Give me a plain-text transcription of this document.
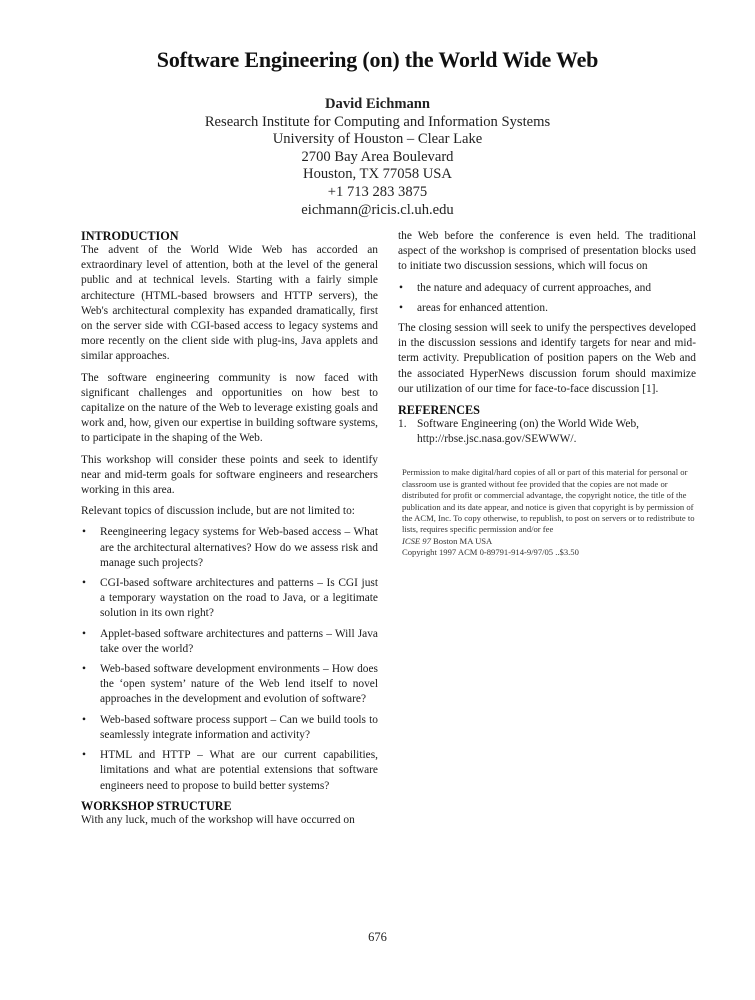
Software Engineering (on) the World Wide Web
David Eichmann
Research Institute for Computing and Information Systems
University of Houston – Clear Lake
2700 Bay Area Boulevard
Houston, TX 77058 USA
+1 713 283 3875
eichmann@ricis.cl.uh.edu
INTRODUCTION

The advent of the World Wide Web has accorded an extraordinary level of attention, both at the level of the general public and at technical levels. Starting with a fairly simple architecture (HTML-based browsers and HTTP servers), the Web's architectural complexity has expanded dramatically, first on the server side with CGI-based access to legacy systems and more recently on the client side with plug-ins, Java applets and similar approaches.

The software engineering community is now faced with significant challenges and opportunities on how best to capitalize on the nature of the Web to leverage existing goals and work and, how, given our expertise in building software systems, to participate in the shaping of the Web.

This workshop will consider these points and seek to identify near and mid-term goals for software engineers and researchers working in this area.

Relevant topics of discussion include, but are not limited to:

• Reengineering legacy systems for Web-based access – What are the architectural alternatives? How do we assess risk and manage such projects?
• CGI-based software architectures and patterns – Is CGI just a temporary waystation on the road to Java, or a legitimate solution in its own right?
• Applet-based software architectures and patterns – Will Java take over the world?
• Web-based software development environments – How does the ‘open system’ nature of the Web lend itself to novel approaches in the development and evolution of software?
• Web-based software process support – Can we build tools to seamlessly integrate information and activity?
• HTML and HTTP – What are our current capabilities, limitations and what are potential extensions that software engineers need to propose to build better systems?
WORKSHOP STRUCTURE

With any luck, much of the workshop will have occurred on

the Web before the conference is even held. The traditional aspect of the workshop is comprised of presentation blocks used to initiate two discussion sessions, which will focus on

• the nature and adequacy of current approaches, and
• areas for enhanced attention.

The closing session will seek to unify the perspectives developed in the discussion sessions and identify targets for near and mid-term activity. Prepublication of position papers on the Web and the associated HyperNews discussion forum should maximize our utilization of our time for face-to-face discussion [1].

REFERENCES
1. Software Engineering (on) the World Wide Web, http://rbse.jsc.nasa.gov/SEWWW/.
Permission to make digital/hard copies of all or part of this material for personal or classroom use is granted without fee provided that the copies are not made or distributed for profit or commercial advantage, the copyright notice, the title of the publication and its date appear, and notice is given that copyright is by permission of the ACM, Inc. To copy otherwise, to republish, to post on servers or to redistribute to lists, requires specific permission and/or fee
ICSE 97 Boston MA USA
Copyright 1997 ACM 0-89791-914-9/97/05 ..$3.50
676
